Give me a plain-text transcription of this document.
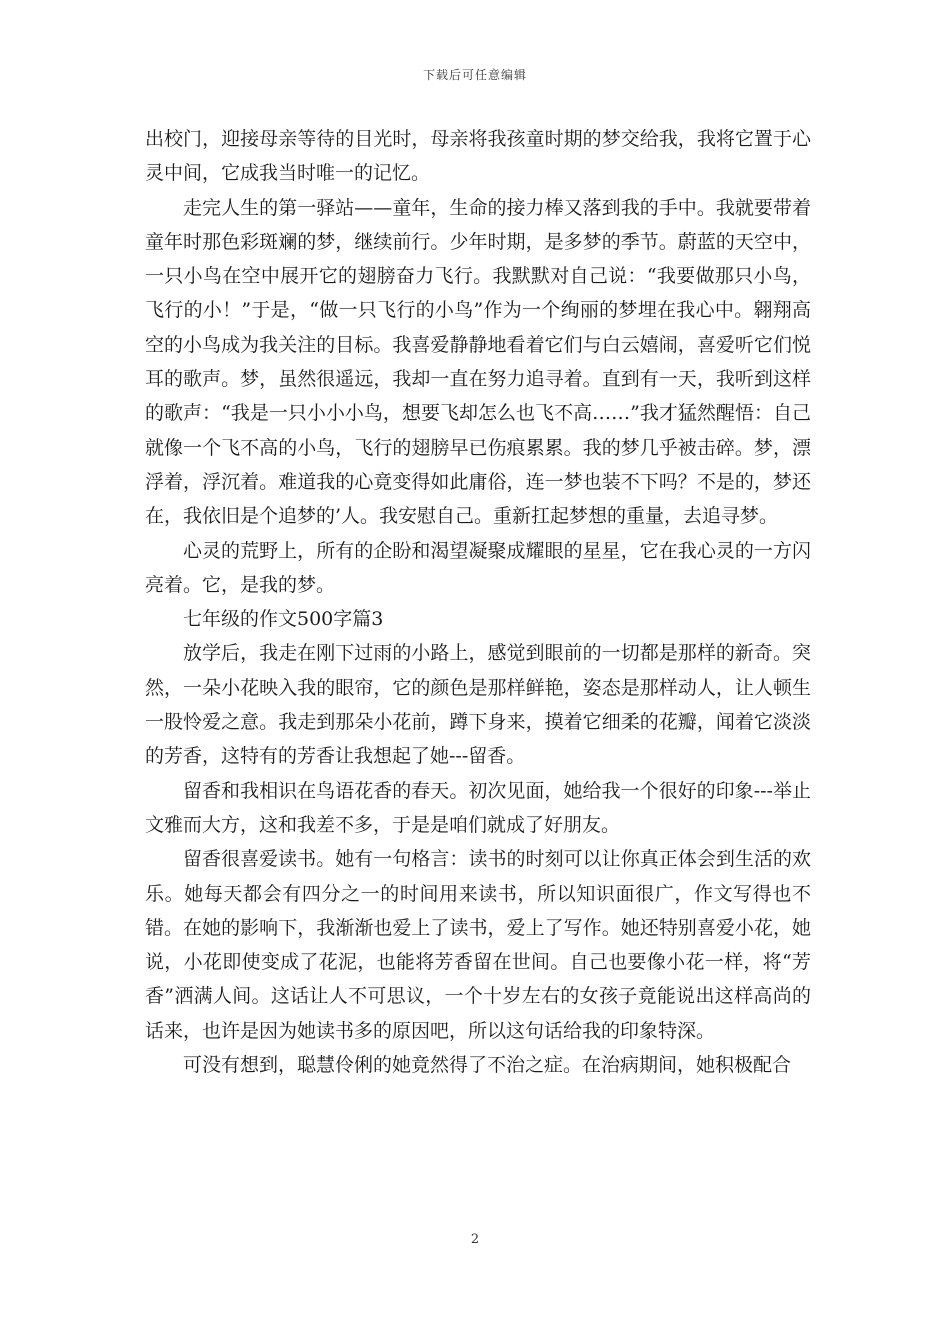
下载后可任意编辑

出校门，迎接母亲等待的目光时，母亲将我孩童时期的梦交给我，我将它置于心灵中间，它成我当时唯一的记忆。

走完人生的第一驿站——童年，生命的接力棒又落到我的手中。我就要带着童年时那色彩斑斓的梦，继续前行。少年时期，是多梦的季节。蔚蓝的天空中，一只小鸟在空中展开它的翅膀奋力飞行。我默默对自己说：“我要做那只小鸟，飞行的小！”于是，“做一只飞行的小鸟”作为一个绚丽的梦埋在我心中。翱翔高空的小鸟成为我关注的目标。我喜爱静静地看着它们与白云嬉闹，喜爱听它们悦耳的歌声。梦，虽然很遥远，我却一直在努力追寻着。直到有一天，我听到这样的歌声：“我是一只小小小鸟，想要飞却怎么也飞不高……”我才猛然醒悟：自己就像一个飞不高的小鸟，飞行的翅膀早已伤痕累累。我的梦几乎被击碎。梦，漂浮着，浮沉着。难道我的心竟变得如此庸俗，连一梦也装不下吗？不是的，梦还在，我依旧是个追梦的’人。我安慰自己。重新扛起梦想的重量，去追寻梦。

心灵的荒野上，所有的企盼和渴望凝聚成耀眼的星星，它在我心灵的一方闪亮着。它，是我的梦。

七年级的作文500字篇3

放学后，我走在刚下过雨的小路上，感觉到眼前的一切都是那样的新奇。突然，一朵小花映入我的眼帘，它的颜色是那样鲜艳，姿态是那样动人，让人顿生一股怜爱之意。我走到那朵小花前，蹲下身来，摸着它细柔的花瓣，闻着它淡淡的芳香，这特有的芳香让我想起了她---留香。

留香和我相识在鸟语花香的春天。初次见面，她给我一个很好的印象---举止文雅而大方，这和我差不多，于是是咱们就成了好朋友。

留香很喜爱读书。她有一句格言：读书的时刻可以让你真正体会到生活的欢乐。她每天都会有四分之一的时间用来读书，所以知识面很广，作文写得也不错。在她的影响下，我渐渐也爱上了读书，爱上了写作。她还特别喜爱小花，她说，小花即使变成了花泥，也能将芳香留在世间。自己也要像小花一样，将“芳香”洒满人间。这话让人不可思议，一个十岁左右的女孩子竟能说出这样高尚的话来，也许是因为她读书多的原因吧，所以这句话给我的印象特深。

可没有想到，聪慧伶俐的她竟然得了不治之症。在治病期间，她积极配合

2
